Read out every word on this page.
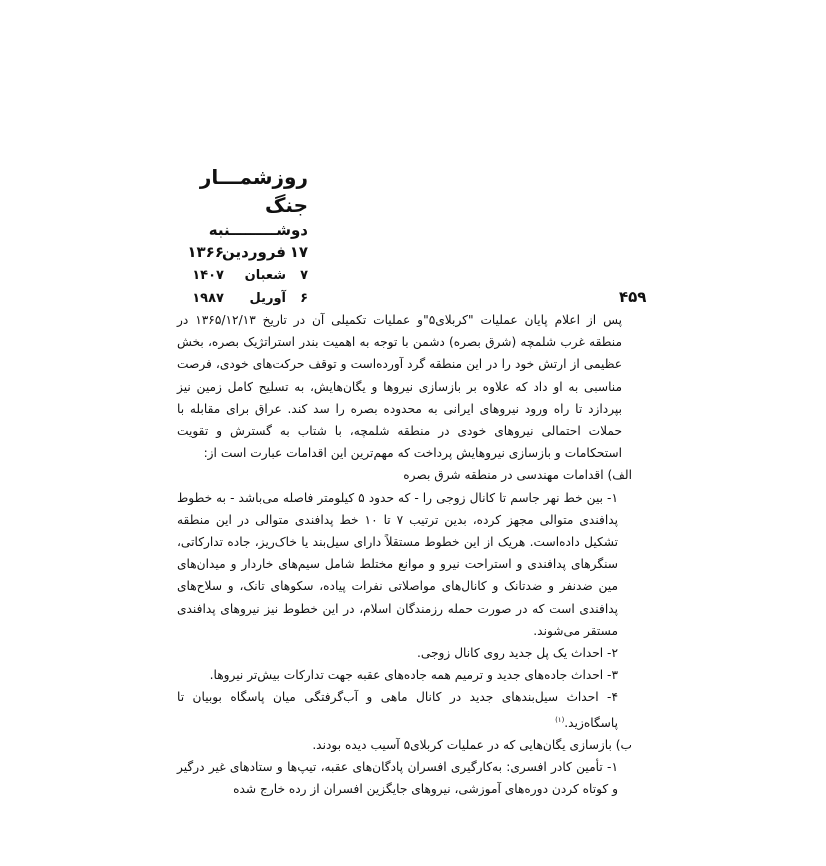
روزشمـــار جنگ
دوشـــــــــنبه
۱۷
فروردین
۱۳۶۶
۷
شعبان
۱۴۰۷
۶
آوریل
۱۹۸۷	۴۵۹

پس از اعلام پایان عملیات "کربلای۵"و عملیات تکمیلی آن در تاریخ ۱۳۶۵/۱۲/۱۳ در منطقه غرب شلمچه (شرق بصره) دشمن با توجه به اهمیت بندر استراتژیک بصره، بخش عظیمی از ارتش خود را در این منطقه گرد آورده‌است و توقف حرکت‌های خودی، فرصت مناسبی به او داد که علاوه بر بازسازی نیروها و یگان‌هایش، به تسلیح کامل زمین نیز بپردازد تا راه ورود نیروهای ایرانی به محدوده بصره را سد کند. عراق برای مقابله با حملات احتمالی نیروهای خودی در منطقه شلمچه، با شتاب به گسترش و تقویت استحکامات و بازسازی نیروهایش پرداخت که مهم‌ترین این اقدامات عبارت است از:

الف) اقدامات مهندسی در منطقه شرق بصره

۱- بین خط نهر جاسم تا کانال زوجی را - که حدود ۵ کیلومتر فاصله می‌باشد - به خطوط پدافندی متوالی مجهز کرده، بدین ترتیب ۷ تا ۱۰ خط پدافندی متوالی در این منطقه تشکیل داده‌است. هریک از این خطوط مستقلاً دارای سیل‌بند یا خاک‌ریز، جاده تدارکاتی، سنگرهای پدافندی و استراحت نیرو و موانع مختلط شامل سیم‌های خاردار و میدان‌های مین ضدنفر و ضدتانک و کانال‌های مواصلاتی نفرات پیاده، سکوهای تانک، و سلاح‌های پدافندی است که در صورت حمله رزمندگان اسلام، در این خطوط نیز نیروهای پدافندی مستقر می‌شوند.

۲- احداث یک پل جدید روی کانال زوجی.

۳- احداث جاده‌های جدید و ترمیم همه جاده‌های عقبه جهت تدارکات بیش‌تر نیروها.

۴- احداث سیل‌بندهای جدید در کانال ماهی و آب‌گرفتگی میان پاسگاه بوبیان تا پاسگاه‌زید.$^{(۱)}$

ب) بازسازی یگان‌هایی که در عملیات کربلای۵ آسیب دیده بودند.

۱- تأمین کادر افسری: به‌کارگیری افسران پادگان‌های عقبه، تیپ‌ها و ستادهای غیر درگیر و کوتاه کردن دوره‌های آموزشی، نیروهای جایگزین افسران از رده خارج شده
